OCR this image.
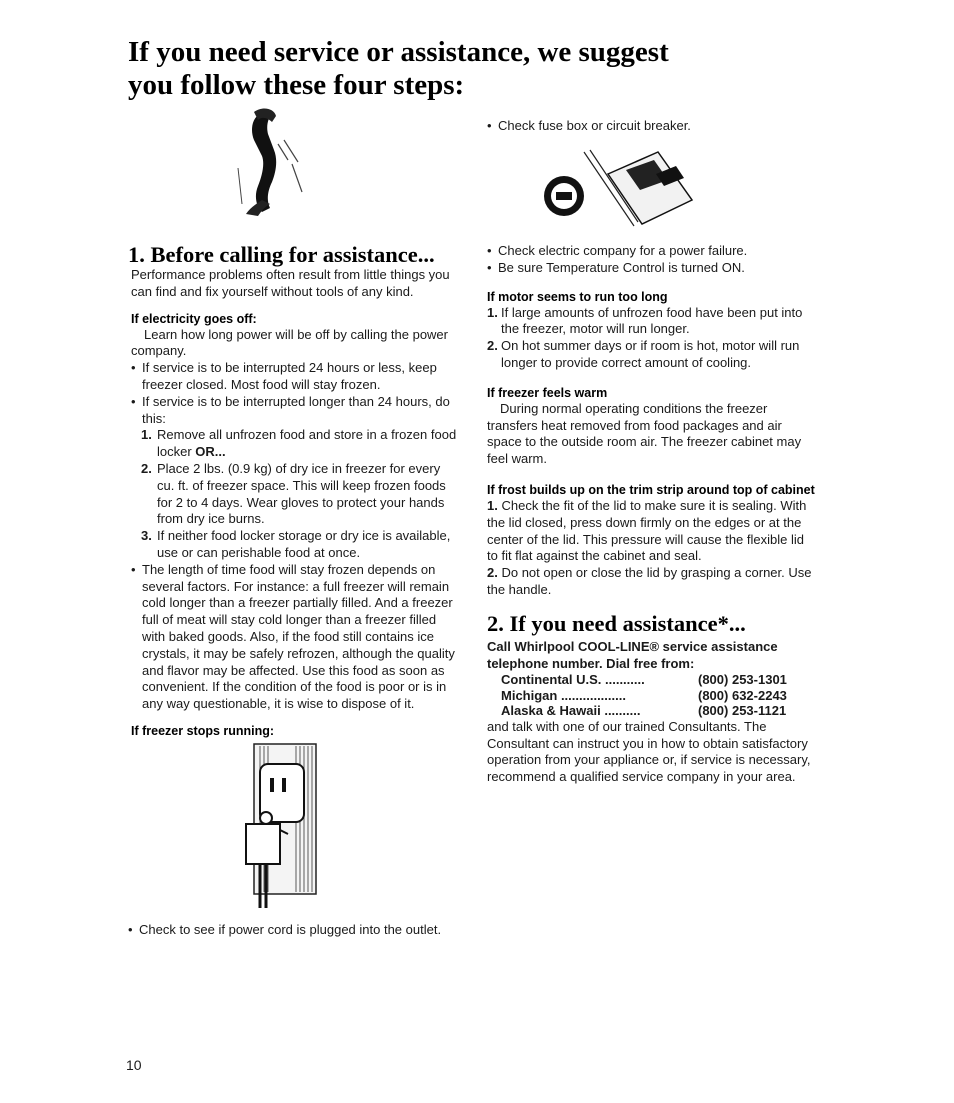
If you need service or assistance, we suggest
you follow these four steps:
1. Before calling for assistance...

Performance problems often result from little things you can find and fix yourself without tools of any kind.

If electricity goes off:

Learn how long power will be off by calling the power company.

• If service is to be interrupted 24 hours or less, keep freezer closed. Most food will stay frozen.

• If service is to be interrupted longer than 24 hours, do this:

1. Remove all unfrozen food and store in a frozen food locker OR...

2. Place 2 lbs. (0.9 kg) of dry ice in freezer for every cu. ft. of freezer space. This will keep frozen foods for 2 to 4 days. Wear gloves to protect your hands from dry ice burns.

3. If neither food locker storage or dry ice is available, use or can perishable food at once.

• The length of time food will stay frozen depends on several factors. For instance: a full freezer will remain cold longer than a freezer partially filled. And a freezer full of meat will stay cold longer than a freezer filled with baked goods. Also, if the food still contains ice crystals, it may be safely refrozen, although the quality and flavor may be affected. Use this food as soon as convenient. If the condition of the food is poor or is in any way questionable, it is wise to dispose of it.

If freezer stops running:

• Check to see if power cord is plugged into the outlet.

• Check fuse box or circuit breaker.

• Check electric company for a power failure.

• Be sure Temperature Control is turned ON.

If motor seems to run too long

1. If large amounts of unfrozen food have been put into the freezer, motor will run longer.

2. On hot summer days or if room is hot, motor will run longer to provide correct amount of cooling.

If freezer feels warm

During normal operating conditions the freezer transfers heat removed from food packages and air space to the outside room air. The freezer cabinet may feel warm.

If frost builds up on the trim strip around top of cabinet

1. Check the fit of the lid to make sure it is sealing. With the lid closed, press down firmly on the edges or at the center of the lid. This pressure will cause the flexible lid to fit flat against the cabinet and seal.

2. Do not open or close the lid by grasping a corner. Use the handle.

2. If you need assistance*...

Call Whirlpool COOL-LINE® service assistance telephone number. Dial free from:

Continental U.S. ...........	(800) 253-1301
Michigan ..................	(800) 632-2243
Alaska & Hawaii ..........	(800) 253-1121

and talk with one of our trained Consultants. The Consultant can instruct you in how to obtain satisfactory operation from your appliance or, if service is necessary, recommend a qualified service company in your area.

10
